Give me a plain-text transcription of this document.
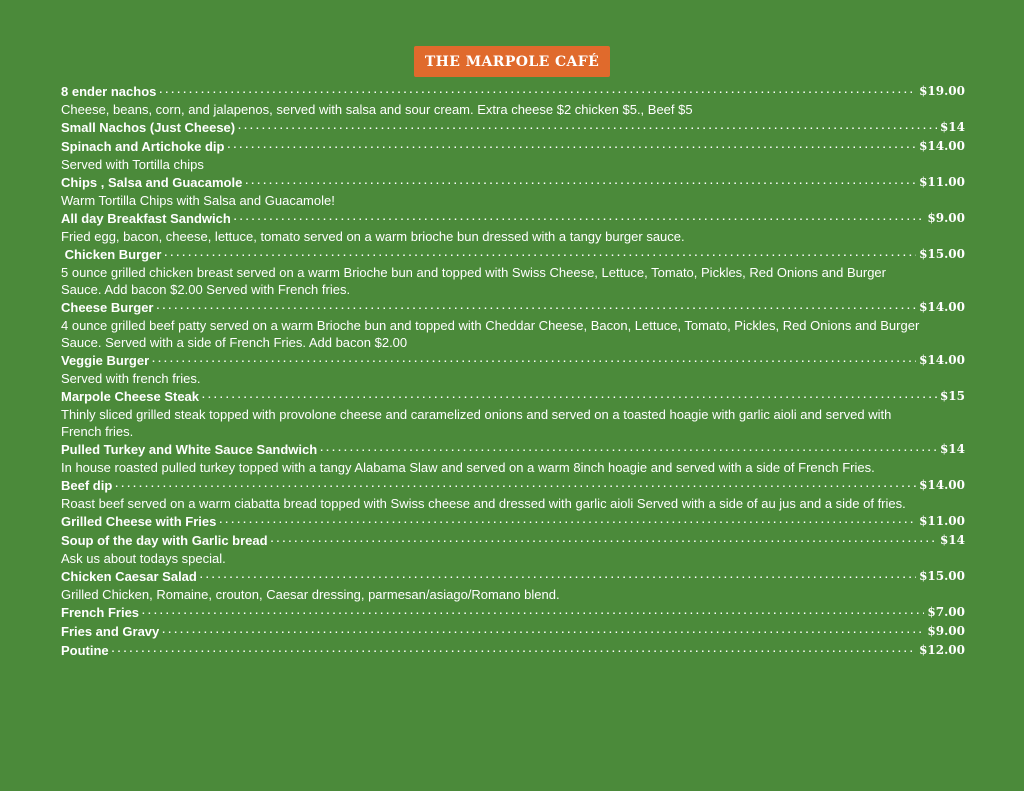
THE MARPOLE CAFÉ
8 ender nachos . . .	$19.00
Cheese, beans, corn, and jalapenos, served with salsa and sour cream. Extra cheese $2 chicken $5., Beef $5
Small Nachos (Just Cheese) . . .	$14
Spinach and Artichoke dip . . .	$14.00
Served with Tortilla chips
Chips , Salsa and Guacamole . . .	$11.00
Warm Tortilla Chips with Salsa and Guacamole!
All day Breakfast Sandwich . . .	$9.00
Fried egg, bacon, cheese, lettuce, tomato served on a warm brioche bun dressed with a tangy burger sauce.
Chicken Burger . . .	$15.00
5 ounce grilled chicken breast served on a warm Brioche bun and topped with Swiss Cheese, Lettuce, Tomato, Pickles, Red Onions and Burger Sauce. Add bacon $2.00 Served with French fries.
Cheese Burger . . .	$14.00
4 ounce grilled beef patty served on a warm Brioche bun and topped with Cheddar Cheese, Bacon, Lettuce, Tomato, Pickles, Red Onions and Burger Sauce. Served with a side of French Fries. Add bacon $2.00
Veggie Burger . . .	$14.00
Served with french fries.
Marpole Cheese Steak . . .	$15
Thinly sliced grilled steak topped with provolone cheese and caramelized onions and served on a toasted hoagie with garlic aioli and served with French fries.
Pulled Turkey and White Sauce Sandwich . . .	$14
In house roasted pulled turkey topped with a tangy Alabama Slaw and served on a warm 8inch hoagie and served with a side of French Fries.
Beef dip . . .	$14.00
Roast beef served on a warm ciabatta bread topped with Swiss cheese and dressed with garlic aioli Served with a side of au jus and a side of fries.
Grilled Cheese with Fries . . .	$11.00
Soup of the day with Garlic bread . . .	$14
Ask us about todays special.
Chicken Caesar Salad . . .	$15.00
Grilled Chicken, Romaine, crouton, Caesar dressing, parmesan/asiago/Romano blend.
French Fries . . .	$7.00
Fries and Gravy . . .	$9.00
Poutine . . .	$12.00
